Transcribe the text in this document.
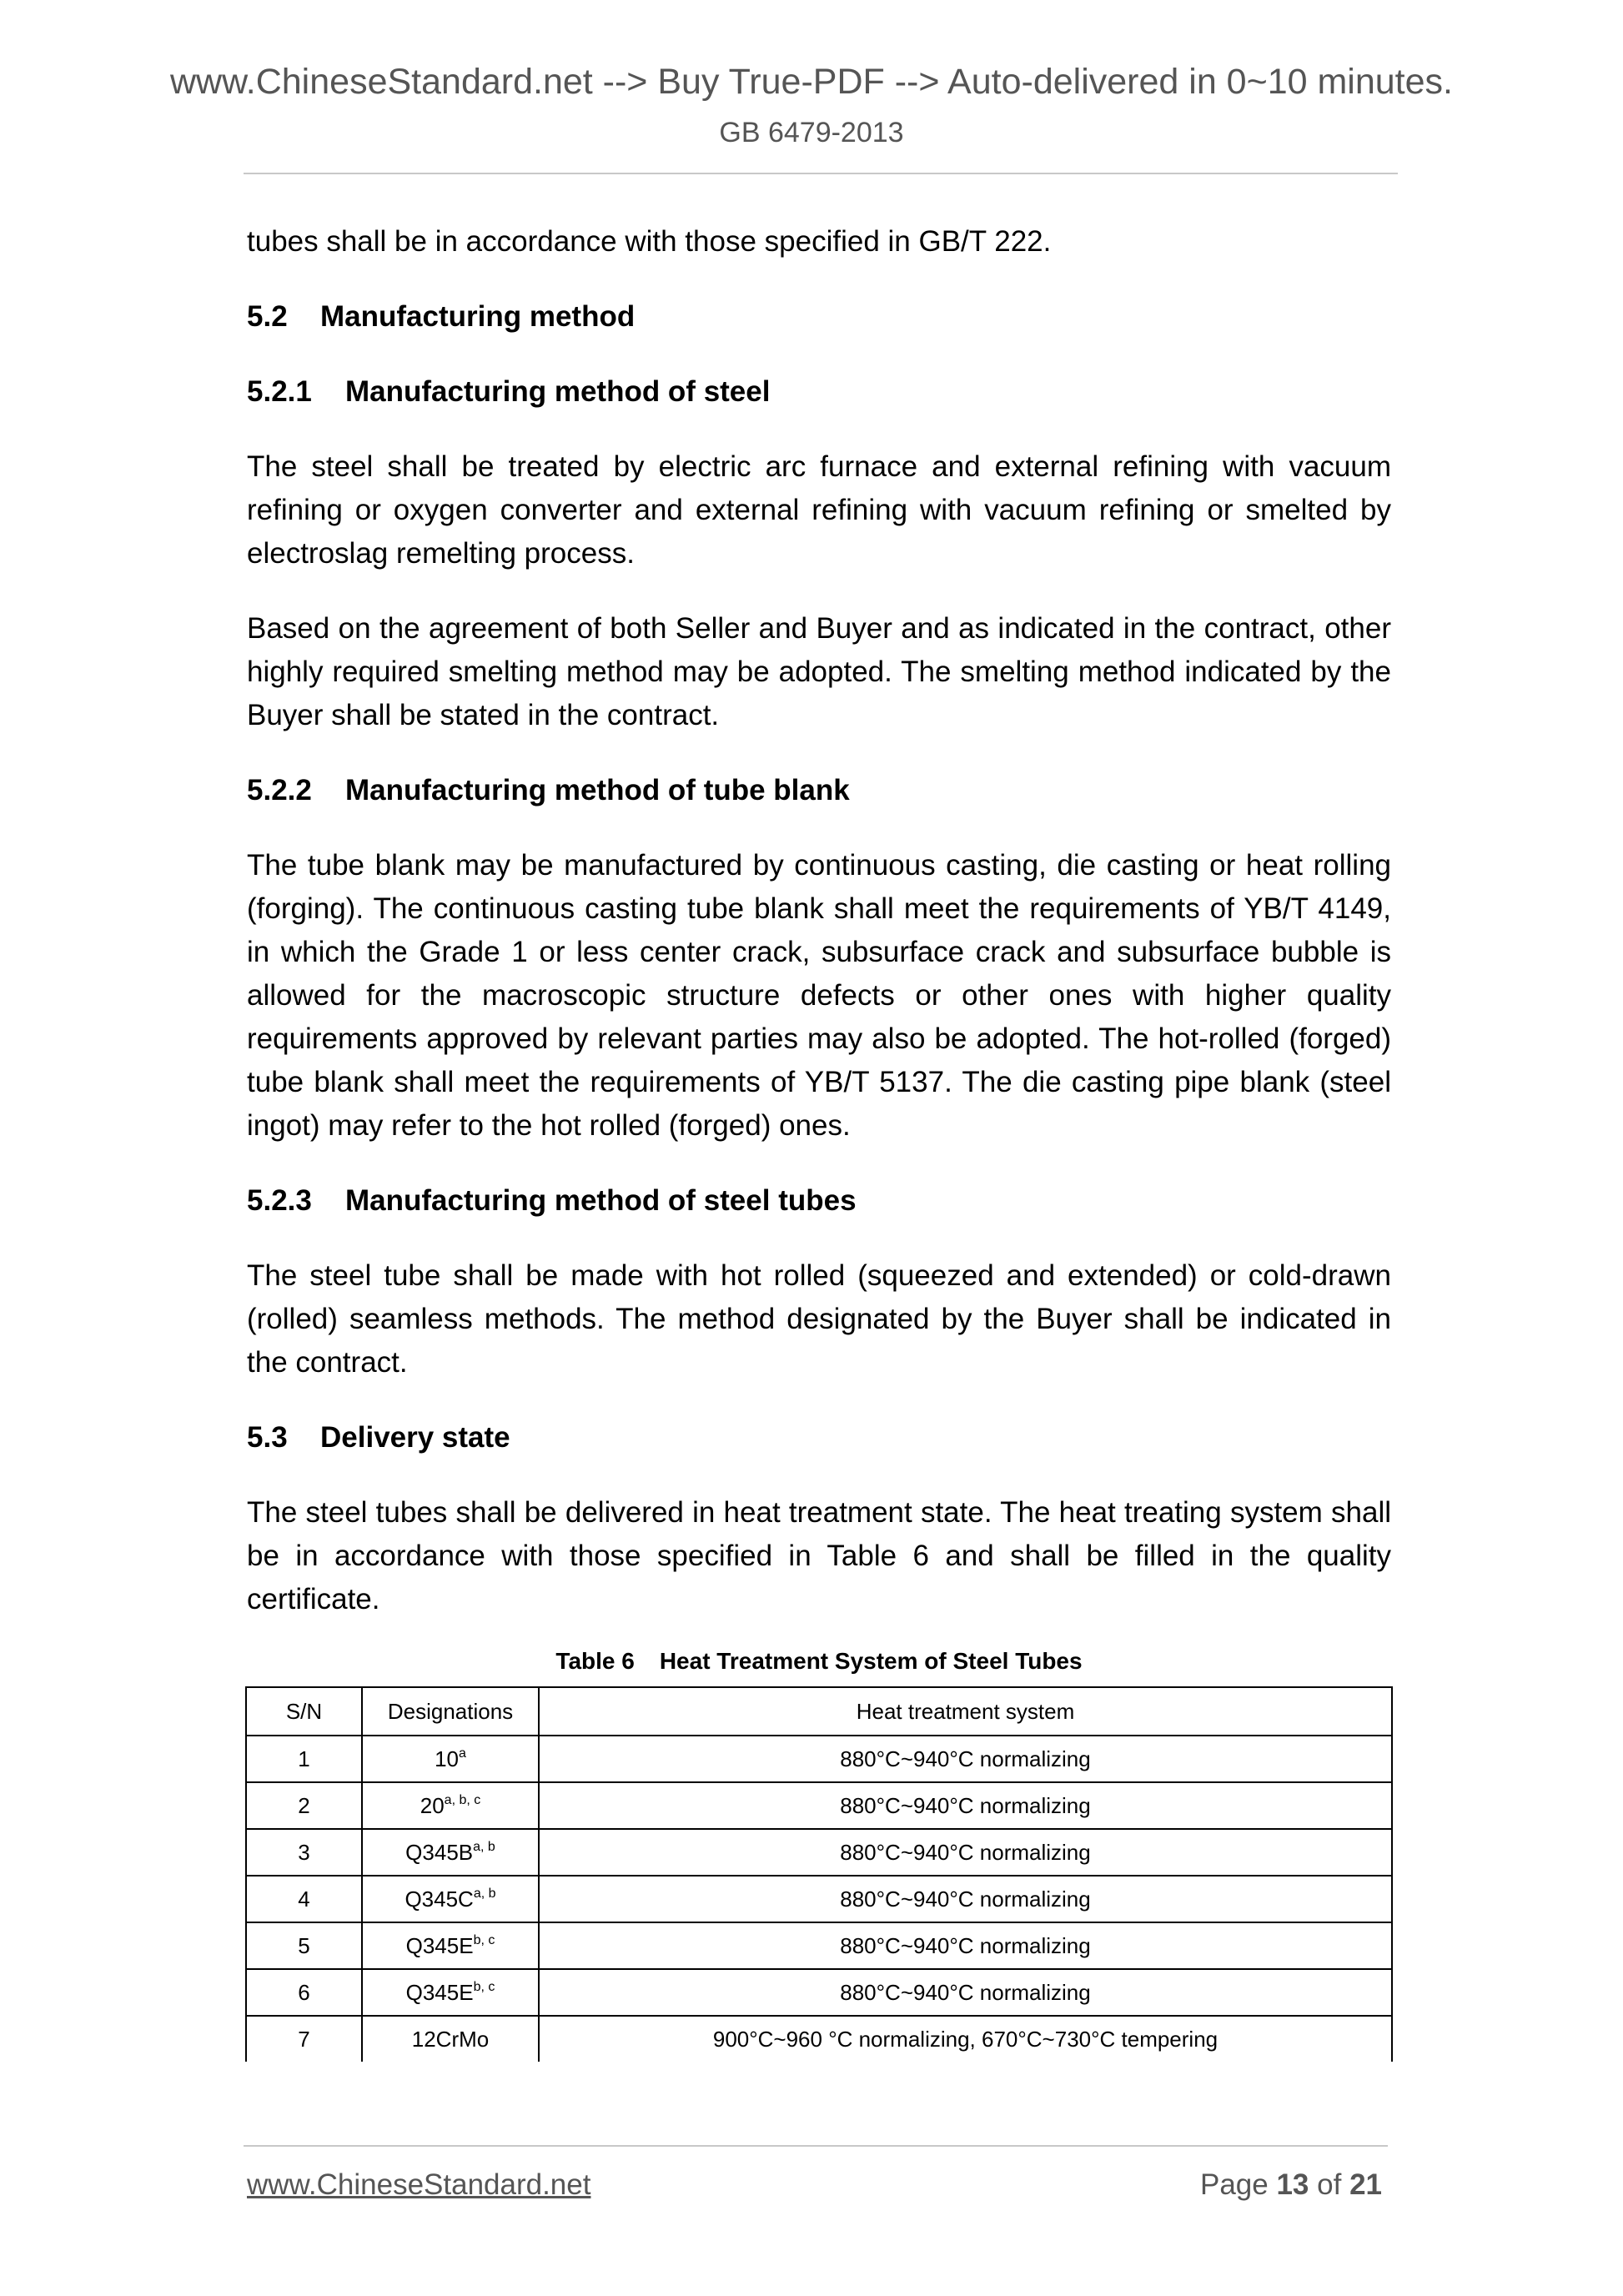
www.ChineseStandard.net --> Buy True-PDF --> Auto-delivered in 0~10 minutes.
GB 6479-2013

tubes shall be in accordance with those specified in GB/T 222.

5.2 Manufacturing method
5.2.1 Manufacturing method of steel

The steel shall be treated by electric arc furnace and external refining with vacuum refining or oxygen converter and external refining with vacuum refining or smelted by electroslag remelting process.

Based on the agreement of both Seller and Buyer and as indicated in the contract, other highly required smelting method may be adopted. The smelting method indicated by the Buyer shall be stated in the contract.

5.2.2 Manufacturing method of tube blank

The tube blank may be manufactured by continuous casting, die casting or heat rolling (forging). The continuous casting tube blank shall meet the requirements of YB/T 4149, in which the Grade 1 or less center crack, subsurface crack and subsurface bubble is allowed for the macroscopic structure defects or other ones with higher quality requirements approved by relevant parties may also be adopted. The hot-rolled (forged) tube blank shall meet the requirements of YB/T 5137. The die casting pipe blank (steel ingot) may refer to the hot rolled (forged) ones.

5.2.3 Manufacturing method of steel tubes

The steel tube shall be made with hot rolled (squeezed and extended) or cold-drawn (rolled) seamless methods. The method designated by the Buyer shall be indicated in the contract.

5.3 Delivery state

The steel tubes shall be delivered in heat treatment state. The heat treating system shall be in accordance with those specified in Table 6 and shall be filled in the quality certificate.

Table 6 Heat Treatment System of Steel Tubes
S/N	Designations	Heat treatment system
1	10$^a$	880°C~940°C normalizing
2	20$^{a, b, c}$	880°C~940°C normalizing
3	$Q345B^{a, b}$	880°C~940°C normalizing
4	$Q345C^{a, b}$	880°C~940°C normalizing
5	$Q345E^{b, c}$	880°C~940°C normalizing
6	$Q345E^{b, c}$	880°C~940°C normalizing
7	12CrMo	900°C~960 °C normalizing, 670°C~730°C tempering
www.ChineseStandard.net	Page 13 of 21
